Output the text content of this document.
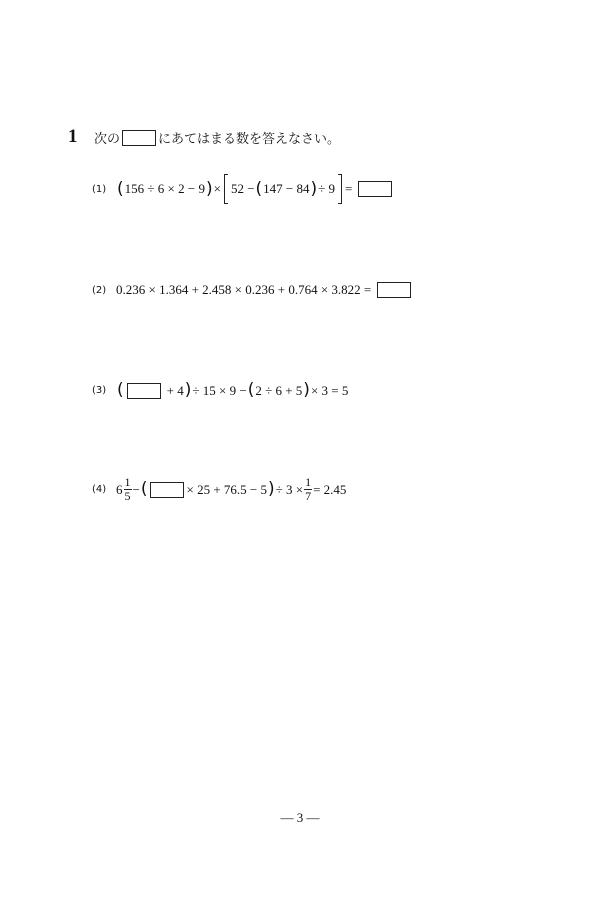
1 次の	にあてはまる数を答えなさい。
(1) ( 156 ÷ 6 × 2 − 9 ) × 52 − ( 147 − 84 ) ÷ 9 =
(2) 0.236 × 1.364 + 2.458 × 0.236 + 0.764 × 3.822 =
(3) (	+ 4 ) ÷ 15 × 9 − ( 2 ÷ 6 + 5 ) × 3 = 5
(4) $6 \frac{1}{5}$ − (	× 25 + 76.5 − 5 ) ÷ $3 \times \frac{1}{7} = 2.45$
— 3 —
